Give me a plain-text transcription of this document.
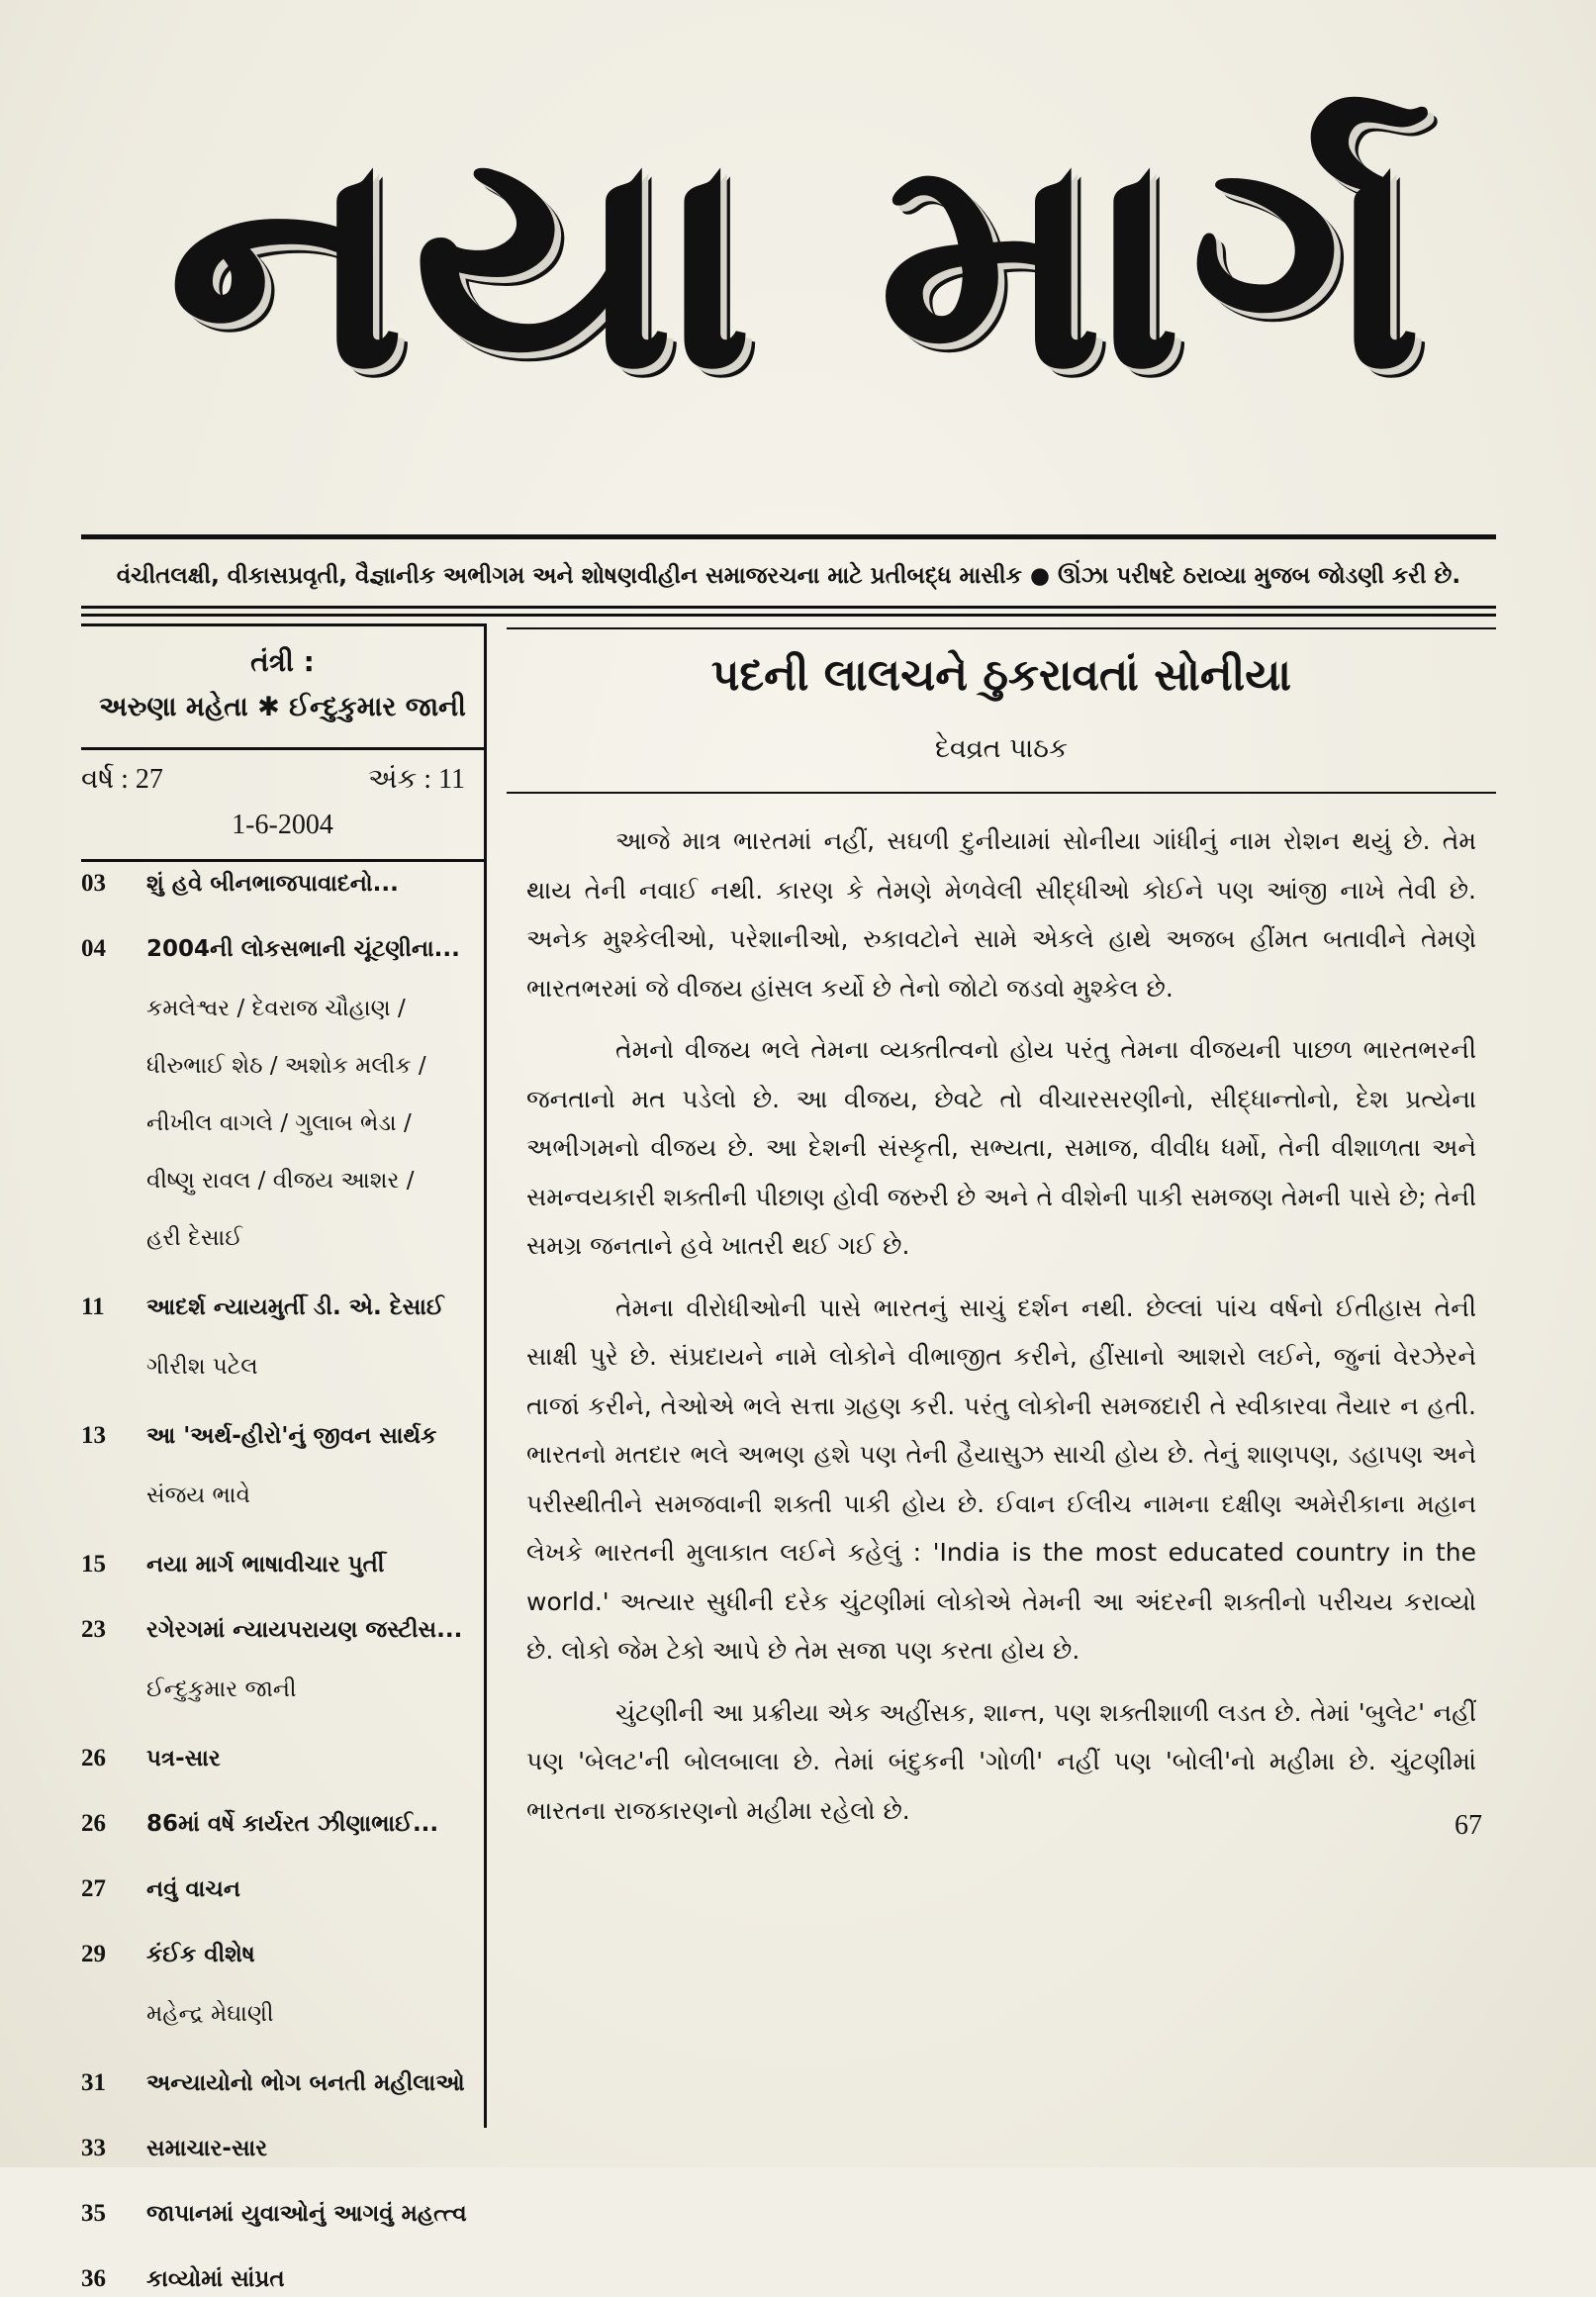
નયા માર્ગ
વંચીતલક્ષી, વીકાસપ્રવૃતી, વૈજ્ઞાનીક અભીગમ અને શોષણવીહીન સમાજરચના માટે પ્રતીબદ્ધ માસીક ● ઊંઝા પરીષદે ઠરાવ્યા મુજબ જોડણી કરી છે.
તંત્રી :
અરુણા મહેતા ✱ ઈન્દુકુમાર જાની
વર્ષ : 27	અંક : 11
1-6-2004
03	શું હવે બીનભાજપાવાદનો...
04	2004ની લોકસભાની ચૂંટણીના...
કમલેશ્વર / દેવરાજ ચૌહાણ /
ધીરુભાઈ શેઠ / અશોક મલીક /
નીખીલ વાગલે / ગુલાબ ભેડા /
વીષ્ણુ રાવલ / વીજય આશર /
હરી દેસાઈ
11	આદર્શ ન્યાયમુર્તી ડી. એ. દેસાઈ
ગીરીશ પટેલ
13	આ 'અર્થ-હીરો'નું જીવન સાર્થક
સંજય ભાવે
15	નયા માર્ગ ભાષાવીચાર પુર્તી
23	રગેરગમાં ન્યાયપરાયણ જસ્ટીસ...
ઈન્દુકુમાર જાની
26	પત્ર-સાર
26	86માં વર્ષે કાર્યરત ઝીણાભાઈ...
27	નવું વાચન
29	કંઈક વીશેષ
મહેન્દ્ર મેઘાણી
31	અન્યાયોનો ભોગ બનતી મહીલાઓ
33	સમાચાર-સાર
35	જાપાનમાં યુવાઓનું આગવું મહત્ત્વ
36	કાવ્યોમાં સાંપ્રત
પદની લાલચને ઠુકરાવતાં સોનીયા
દેવવ્રત પાઠક

આજે માત્ર ભારતમાં નહીં, સઘળી દુનીયામાં સોનીયા ગાંધીનું નામ રોશન થયું છે. તેમ થાય તેની નવાઈ નથી. કારણ કે તેમણે મેળવેલી સીદ્ધીઓ કોઈને પણ આંજી નાખે તેવી છે. અનેક મુશ્કેલીઓ, પરેશાનીઓ, રુકાવટોને સામે એકલે હાથે અજબ હીંમત બતાવીને તેમણે ભારતભરમાં જે વીજય હાંસલ કર્યો છે તેનો જોટો જડવો મુશ્કેલ છે.

તેમનો વીજય ભલે તેમના વ્યક્તીત્વનો હોય પરંતુ તેમના વીજયની પાછળ ભારતભરની જનતાનો મત પડેલો છે. આ વીજય, છેવટે તો વીચારસરણીનો, સીદ્ધાન્તોનો, દેશ પ્રત્યેના અભીગમનો વીજય છે. આ દેશની સંસ્કૃતી, સભ્યતા, સમાજ, વીવીધ ધર્મો, તેની વીશાળતા અને સમન્વયકારી શક્તીની પીછાણ હોવી જરુરી છે અને તે વીશેની પાકી સમજણ તેમની પાસે છે; તેની સમગ્ર જનતાને હવે ખાતરી થઈ ગઈ છે.

તેમના વીરોધીઓની પાસે ભારતનું સાચું દર્શન નથી. છેલ્લાં પાંચ વર્ષનો ઈતીહાસ તેની સાક્ષી પુરે છે. સંપ્રદાયને નામે લોકોને વીભાજીત કરીને, હીંસાનો આશરો લઈને, જુનાં વેરઝેરને તાજાં કરીને, તેઓએ ભલે સત્તા ગ્રહણ કરી. પરંતુ લોકોની સમજદારી તે સ્વીકારવા તૈયાર ન હતી. ભારતનો મતદાર ભલે અભણ હશે પણ તેની હૈયાસુઝ સાચી હોય છે. તેનું શાણપણ, ડહાપણ અને પરીસ્થીતીને સમજવાની શક્તી પાકી હોય છે. ઈવાન ઈલીચ નામના દક્ષીણ અમેરીકાના મહાન લેખકે ભારતની મુલાકાત લઈને કહેલું : 'India is the most educated country in the world.' અત્યાર સુધીની દરેક ચુંટણીમાં લોકોએ તેમની આ અંદરની શક્તીનો પરીચય કરાવ્યો છે. લોકો જેમ ટેકો આપે છે તેમ સજા પણ કરતા હોય છે.

ચુંટણીની આ પ્રક્રીયા એક અહીંસક, શાન્ત, પણ શક્તીશાળી લડત છે. તેમાં 'બુલેટ' નહીં પણ 'બેલટ'ની બોલબાલા છે. તેમાં બંદુકની 'ગોળી' નહીં પણ 'બોલી'નો મહીમા છે. ચુંટણીમાં ભારતના રાજકારણનો મહીમા રહેલો છે.	67
